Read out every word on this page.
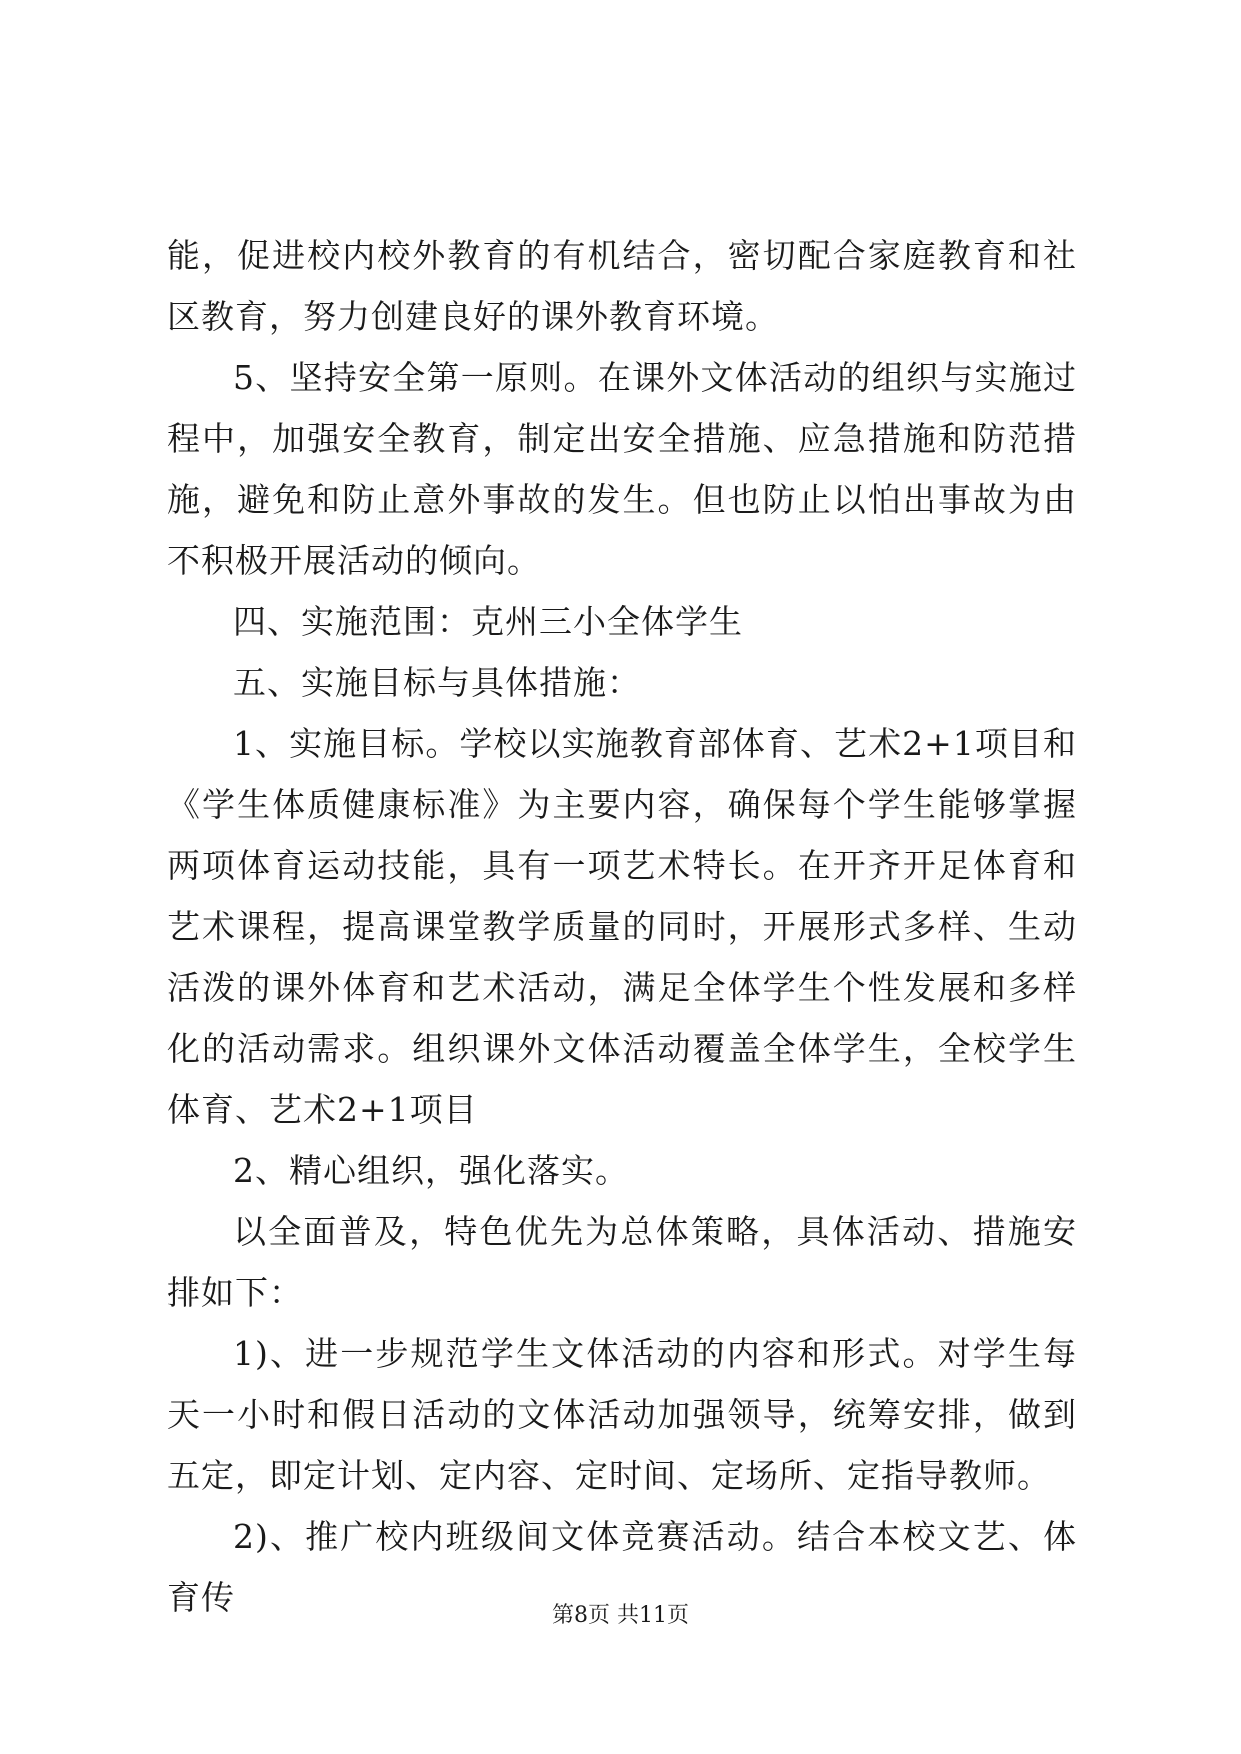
能，促进校内校外教育的有机结合，密切配合家庭教育和社区教育，努力创建良好的课外教育环境。

5、坚持安全第一原则。在课外文体活动的组织与实施过程中，加强安全教育，制定出安全措施、应急措施和防范措施，避免和防止意外事故的发生。但也防止以怕出事故为由不积极开展活动的倾向。

四、实施范围：克州三小全体学生

五、实施目标与具体措施：

1、实施目标。学校以实施教育部体育、艺术2+1项目和《学生体质健康标准》为主要内容，确保每个学生能够掌握两项体育运动技能，具有一项艺术特长。在开齐开足体育和艺术课程，提高课堂教学质量的同时，开展形式多样、生动活泼的课外体育和艺术活动，满足全体学生个性发展和多样化的活动需求。组织课外文体活动覆盖全体学生，全校学生体育、艺术2+1项目

2、精心组织，强化落实。

以全面普及，特色优先为总体策略，具体活动、措施安排如下：

1)、进一步规范学生文体活动的内容和形式。对学生每天一小时和假日活动的文体活动加强领导，统筹安排，做到五定，即定计划、定内容、定时间、定场所、定指导教师。

2)、推广校内班级间文体竞赛活动。结合本校文艺、体育传	第8页 共11页
